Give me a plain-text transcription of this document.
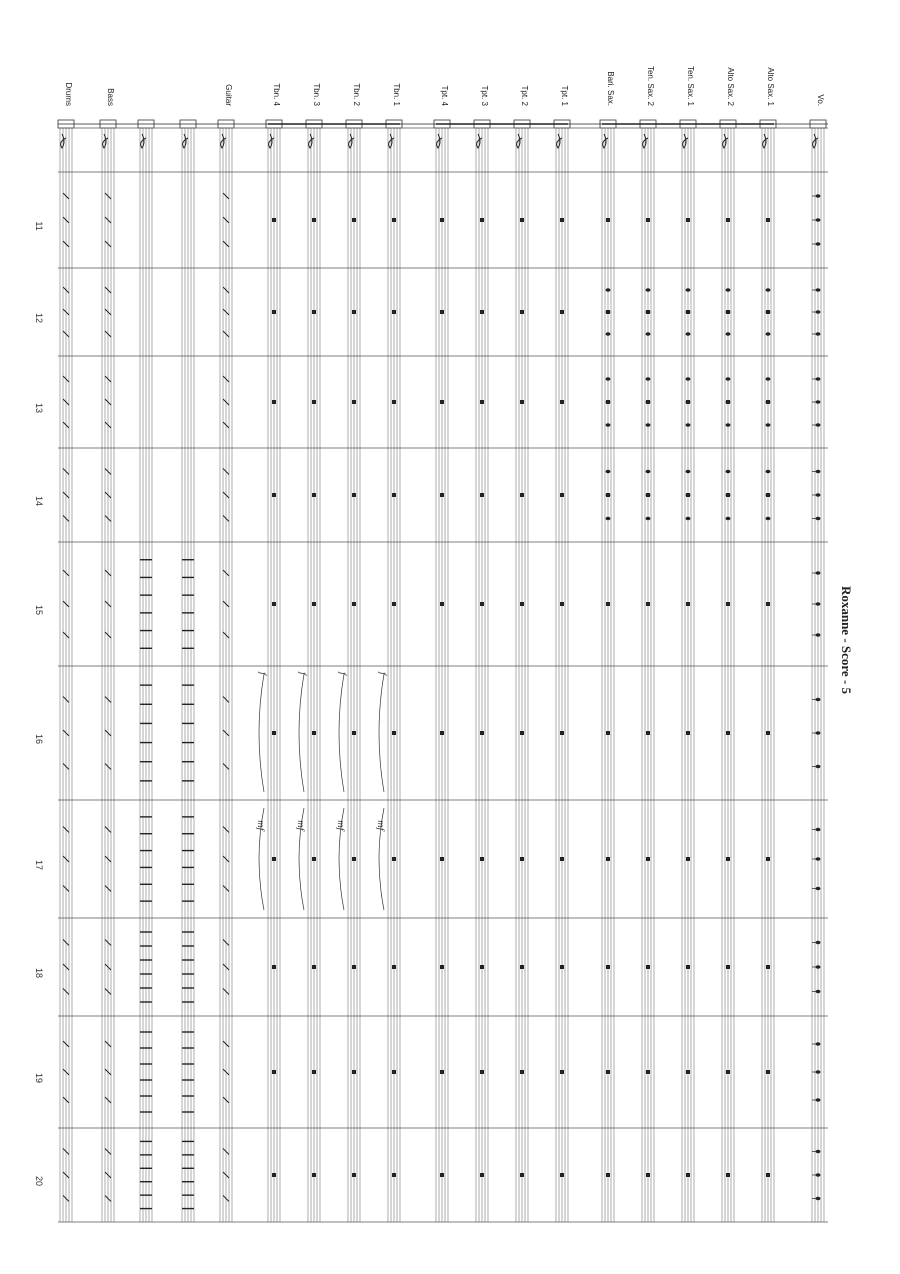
Roxanne - Score - 5
Drums	Bass	Guitar	Tbn. 4	Tbn. 3	Tbn. 2	Tbn. 1	Tpt. 4	Tpt. 3	Tpt. 2	Tpt. 1	Bari. Sax.	Ten. Sax. 2	Ten. Sax. 1	Alto Sax. 2	Alto Sax. 1	Vo.
11
12
13
14
15
16
17
18
19
20
f	f	f	f
mf	mf	mf	mf
